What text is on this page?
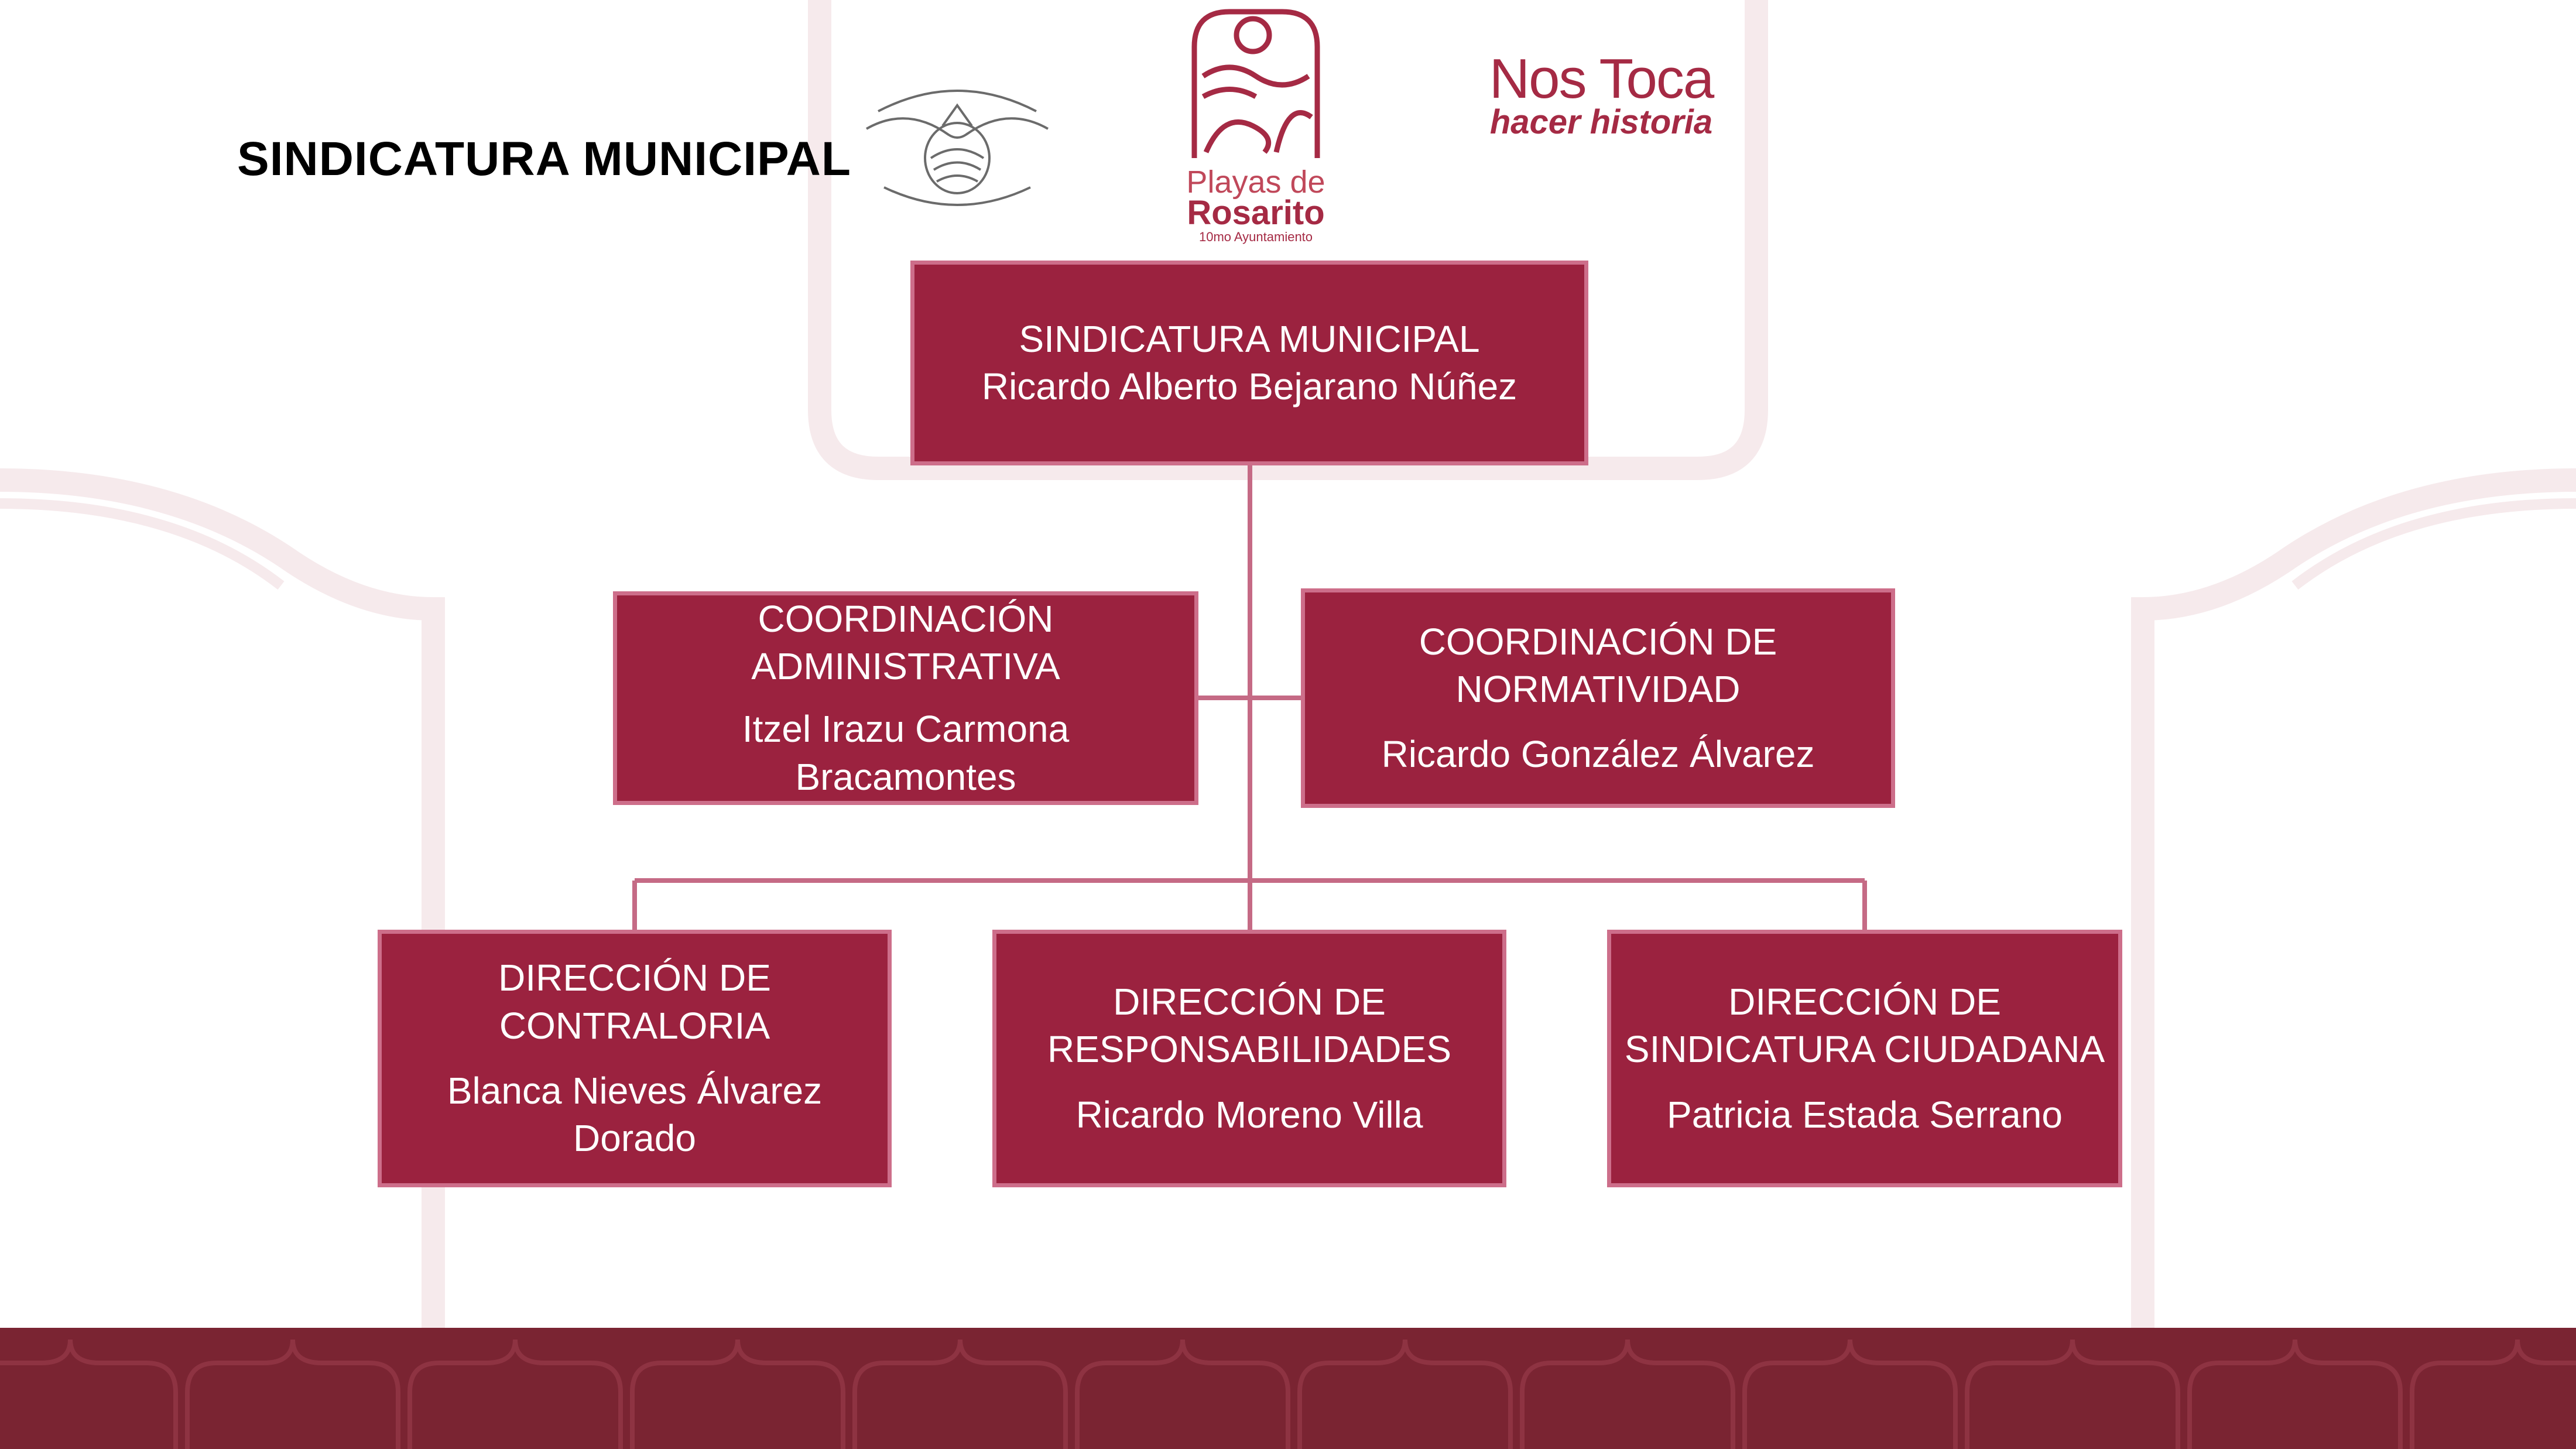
SINDICATURA MUNICIPAL	Playas de
Rosarito
10mo Ayuntamiento
Nos Toca
hacer historia
SINDICATURA MUNICIPAL
Ricardo Alberto Bejarano Núñez
COORDINACIÓN
ADMINISTRATIVA
Itzel Irazu Carmona
Bracamontes
COORDINACIÓN DE
NORMATIVIDAD
Ricardo González Álvarez
DIRECCIÓN DE
CONTRALORIA
Blanca Nieves Álvarez
Dorado
DIRECCIÓN DE
RESPONSABILIDADES
Ricardo Moreno Villa
DIRECCIÓN DE
SINDICATURA CIUDADANA
Patricia Estada Serrano
